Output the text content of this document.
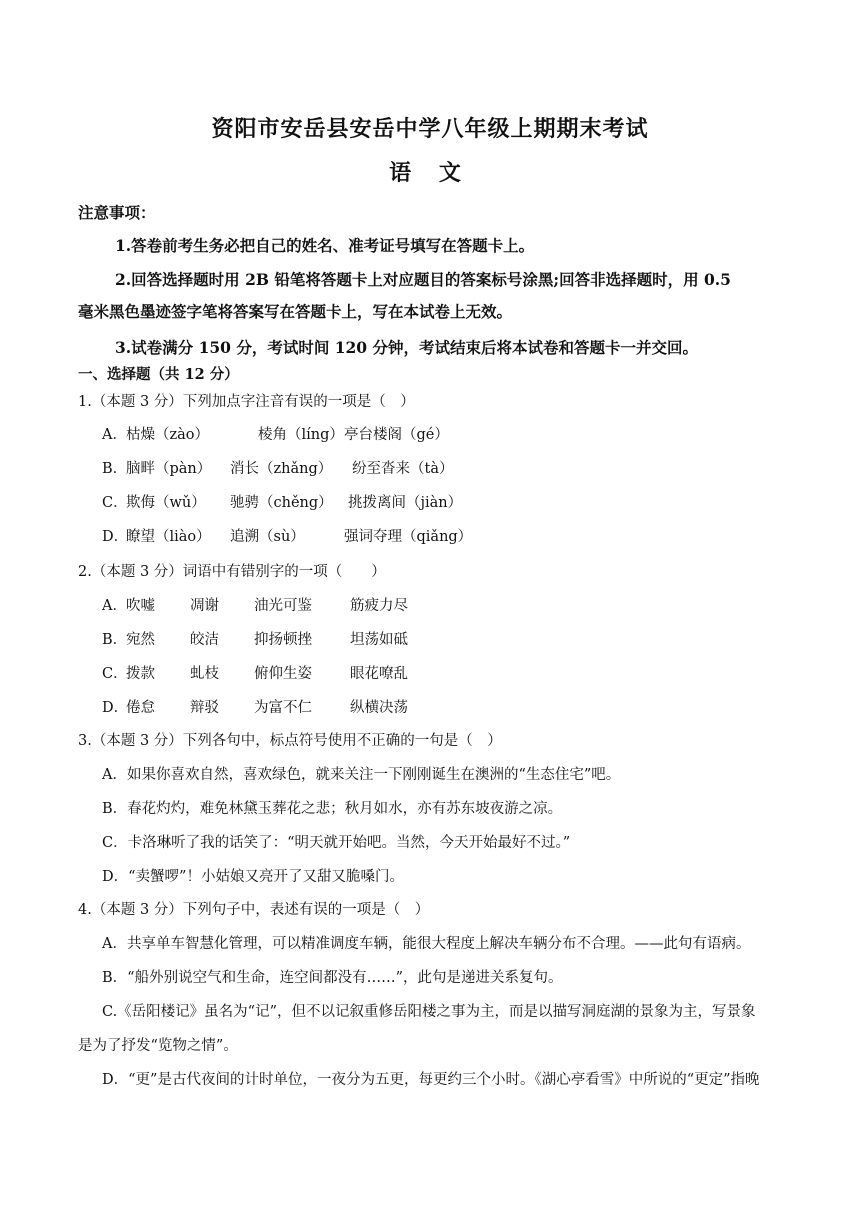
资阳市安岳县安岳中学八年级上期期末考试
语 文
注意事项：
1.答卷前考生务必把自己的姓名、准考证号填写在答题卡上。
2.回答选择题时用 2B 铅笔将答题卡上对应题目的答案标号涂黑;回答非选择题时，用 0.5
毫米黑色墨迹签字笔将答案写在答题卡上，写在本试卷上无效。
3.试卷满分 150 分，考试时间 120 分钟，考试结束后将本试卷和答题卡一并交回。
一、选择题（共 12 分）
1.（本题 3 分）下列加点字注音有误的一项是（　）
A． 枯燥（zào）	棱角（líng） 亭台楼阁（gé）
B．
脑畔（pàn） 消长（zhǎng） 纷至沓来（tà）
C．
欺侮（wǔ） 驰骋（chěng） 挑拨离间（jiàn）
D．
瞭望（liào） 追溯（sù）	强词夺理（qiǎng）
2.（本题 3 分）词语中有错别字的一项（　　）
A． 吹嘘 凋谢 油光可鉴	筋疲力尽
B．
宛然 皎洁 抑扬顿挫	坦荡如砥
C．
拨款 虬枝 俯仰生姿	眼花嘹乱
D．
倦怠 辩驳 为富不仁	纵横决荡
3.（本题 3 分）下列各句中，标点符号使用不正确的一句是（　）
A．如果你喜欢自然，喜欢绿色，就来关注一下刚刚诞生在澳洲的“生态住宅”吧。
B．春花灼灼，难免林黛玉葬花之悲；秋月如水，亦有苏东坡夜游之凉。
C．卡洛琳听了我的话笑了：“明天就开始吧。当然，今天开始最好不过。”
D．“卖蟹啰”！小姑娘又亮开了又甜又脆嗓门。
4.（本题 3 分）下列句子中，表述有误的一项是（　）
A．共享单车智慧化管理，可以精准调度车辆，能很大程度上解决车辆分布不合理。——此句有语病。
B．“船外别说空气和生命，连空间都没有……”，此句是递进关系复句。
C.《岳阳楼记》虽名为“记”，但不以记叙重修岳阳楼之事为主，而是以描写洞庭湖的景象为主，写景象
是为了抒发“览物之情”。
D．“更”是古代夜间的计时单位，一夜分为五更，每更约三个小时。《湖心亭看雪》中所说的“更定”指晚
